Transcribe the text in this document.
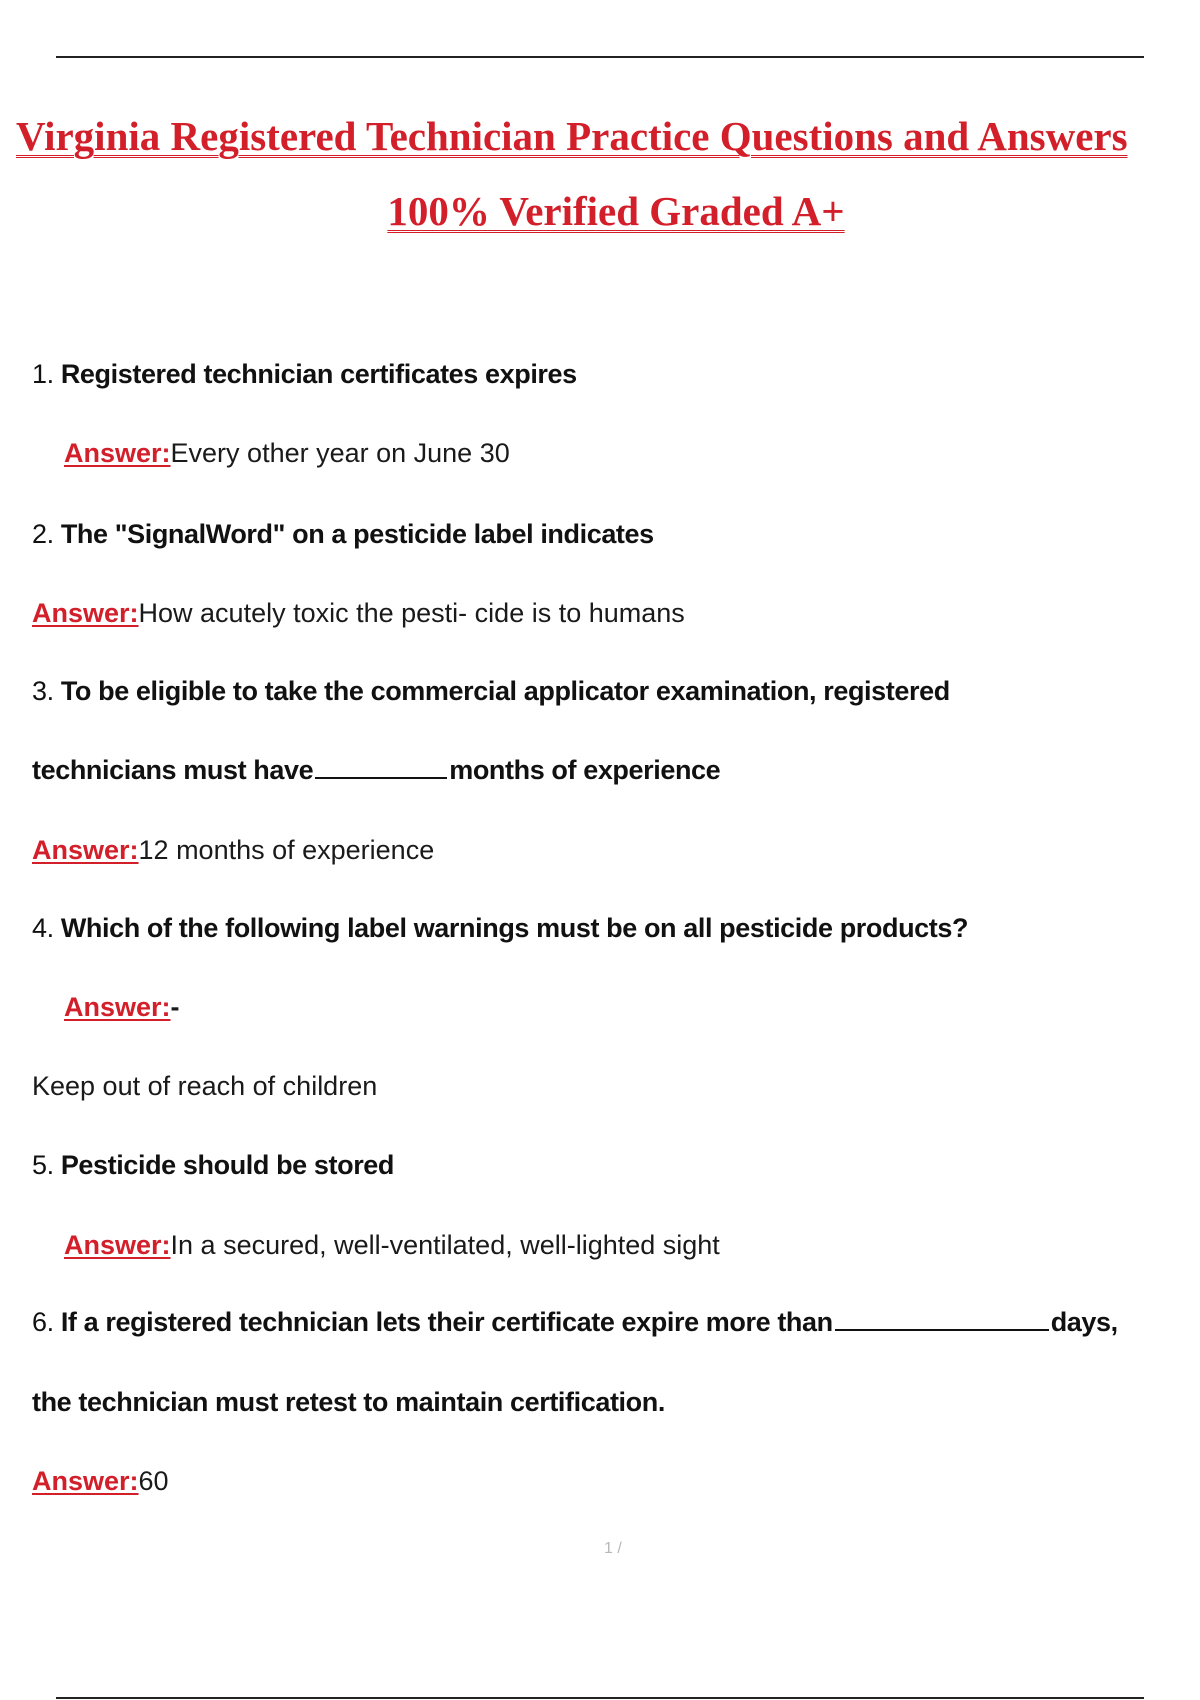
Virginia Registered Technician Practice Questions and Answers
100% Verified Graded A+

1. Registered technician certificates expires

Answer:Every other year on June 30

2. The "SignalWord" on a pesticide label indicates

Answer:How acutely toxic the pesti- cide is to humans

3. To be eligible to take the commercial applicator examination, registered

technicians must have	months of experience

Answer:12 months of experience

4. Which of the following label warnings must be on all pesticide products?

Answer:-

Keep out of reach of children

5. Pesticide should be stored

Answer:In a secured, well-ventilated, well-lighted sight

6. If a registered technician lets their certificate expire more than	days,

the technician must retest to maintain certification.

Answer:60

1 /
